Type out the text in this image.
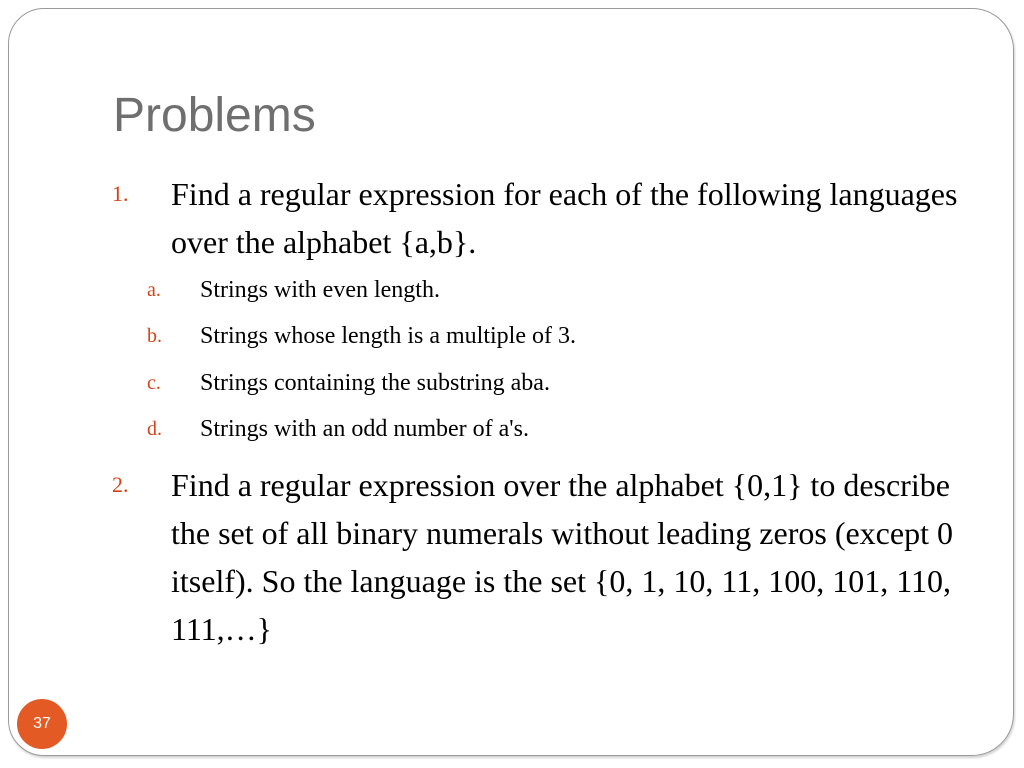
Problems
1. Find a regular expression for each of the following languages over the alphabet {a,b}.

a. Strings with even length.
b. Strings whose length is a multiple of 3.
c. Strings containing the substring aba.
d. Strings with an odd number of a's.
2. Find a regular expression over the alphabet {0,1} to describe the set of all binary numerals without leading zeros (except 0 itself). So the language is the set {0, 1, 10, 11, 100, 101, 110, 111,…}

37
